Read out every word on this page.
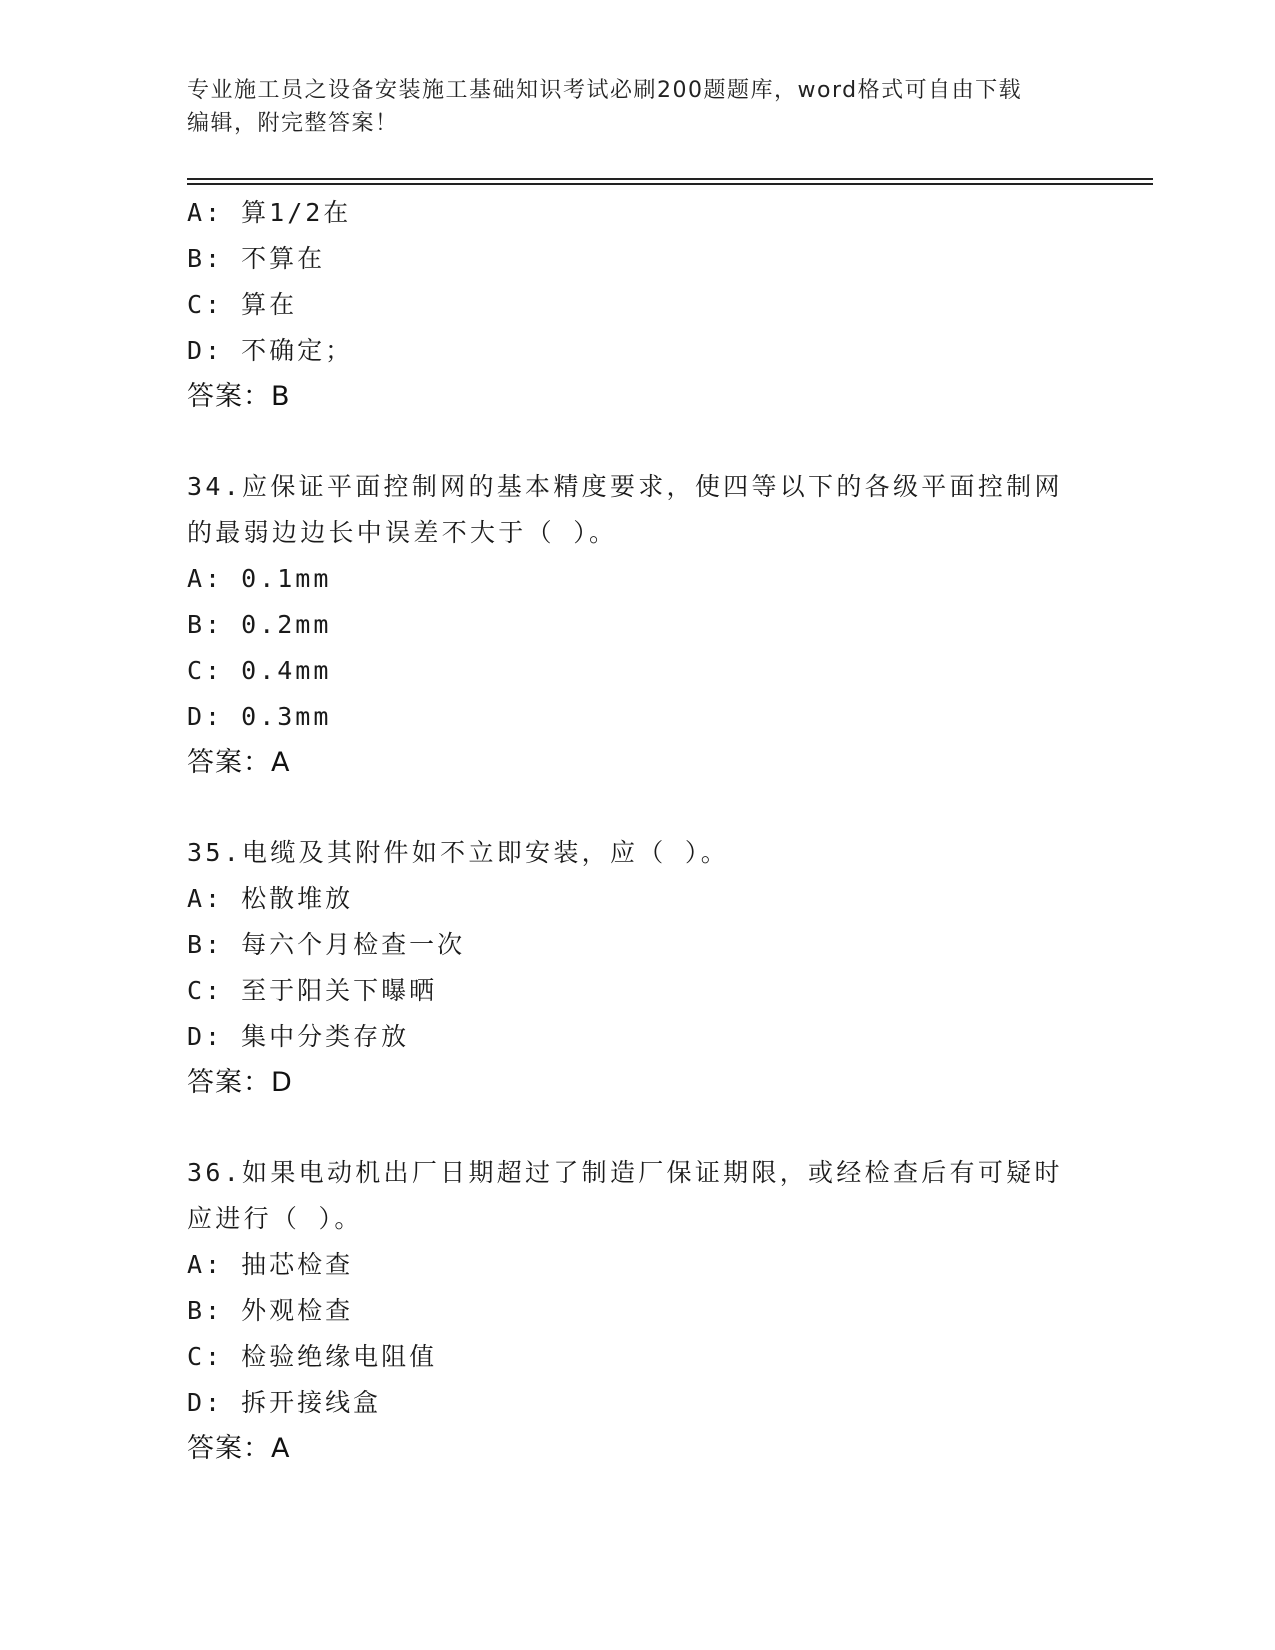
专业施工员之设备安装施工基础知识考试必刷200题题库，word格式可自由下载
编辑，附完整答案！
A: 算1/2在
B: 不算在
C: 算在
D: 不确定；
答案：B
34.应保证平面控制网的基本精度要求，使四等以下的各级平面控制网的最弱边边长中误差不大于（ ）。
A: 0.1mm
B: 0.2mm
C: 0.4mm
D: 0.3mm
答案：A
35.电缆及其附件如不立即安装，应（ ）。
A: 松散堆放
B: 每六个月检查一次
C: 至于阳关下曝晒
D: 集中分类存放
答案：D
36.如果电动机出厂日期超过了制造厂保证期限，或经检查后有可疑时应进行（ ）。
A: 抽芯检查
B: 外观检查
C: 检验绝缘电阻值
D: 拆开接线盒
答案：A
